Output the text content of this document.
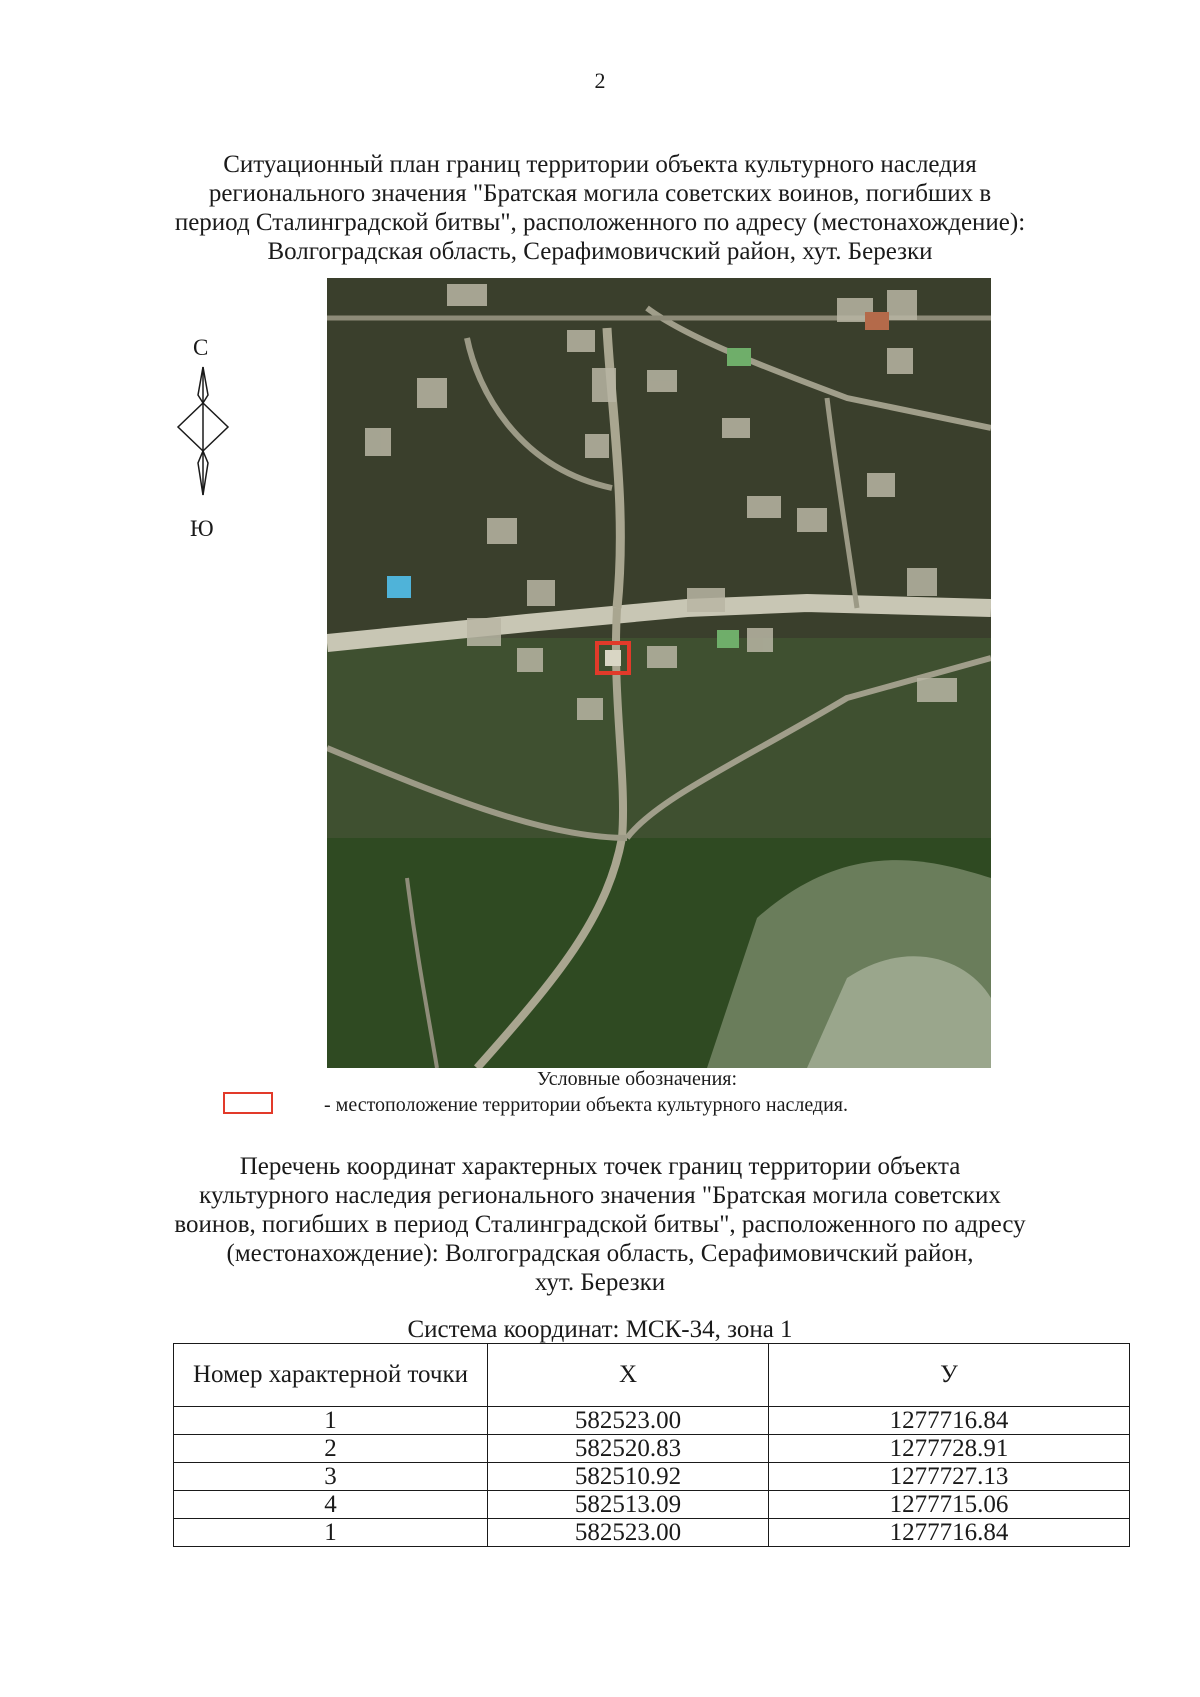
2
Ситуационный план границ территории объекта культурного наследия
регионального значения "Братская могила советских воинов, погибших в
период Сталинградской битвы", расположенного по адресу (местонахождение):
Волгоградская область, Серафимовичский район, хут. Березки
С
Ю
Условные обозначения:
- местоположение территории объекта культурного наследия.
Перечень координат характерных точек границ территории объекта
культурного наследия регионального значения "Братская могила советских
воинов, погибших в период Сталинградской битвы", расположенного по адресу
(местонахождение): Волгоградская область, Серафимовичский район,
хут. Березки
Система координат: МСК-34, зона 1
Номер характерной точки	X	У
1	582523.00	1277716.84
2	582520.83	1277728.91
3	582510.92	1277727.13
4	582513.09	1277715.06
1	582523.00	1277716.84
